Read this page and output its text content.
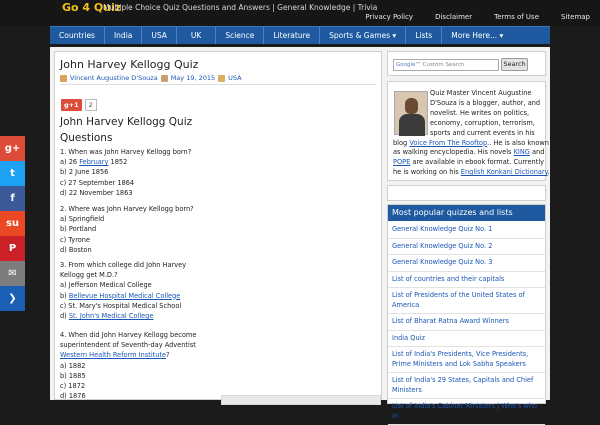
Go 4 Quiz
Multiple Choice Quiz Questions and Answers | General Knowledge | Trivia
Privacy Policy	Disclaimer	Terms of Use	Sitemap
Countries	India	USA	UK	Science	Literature	Sports & Games ▾	Lists	More Here... ▾
John Harvey Kellogg Quiz
Vincent Augustine D'Souza May 19, 2015 USA
g+1	2
John Harvey Kellogg Quiz
Questions

1. When was John Harvey Kellogg born?

a) 26 February 1852

b) 2 June 1856

c) 27 September 1864

d) 22 November 1863

2. Where was John Harvey Kellogg born?

a) Springfield

b) Portland

c) Tyrone

d) Boston

3. From which college did John Harvey

Kellogg get M.D.?

a) Jefferson Medical College

b) Bellevue Hospital Medical College

c) St. Mary's Hospital Medical School

d) St. John's Medical College

4. When did John Harvey Kellogg become

superintendent of Seventh-day Adventist

Western Health Reform Institute?

a) 1882

b) 1885

c) 1872

d) 1876

Google™ Custom Search	Search
Quiz Master Vincent Augustine
D'Souza is a blogger, author, and
novelist. He writes on politics,
economy, corruption, terrorism,
sports and current events in his
blog Voice From The Rooftop.. He is also known
as walking encyclopedia. His novels KING and
POPE are available in ebook format. Currently
he is working on his English Konkani Dictionary.
Most popular quizzes and lists
General Knowledge Quiz No. 1
General Knowledge Quiz No. 2
General Knowledge Quiz No. 3
List of countries and their capitals
List of Presidents of the United States of America
List of Bharat Ratna Award Winners
India Quiz
List of India's Presidents, Vice Presidents, Prime Ministers and Lok Sabha Speakers
List of India's 29 States, Capitals and Chief Ministers
List of India's Cabinet Ministers | Who's who in
g+
t
f
su
P
✉
❯
